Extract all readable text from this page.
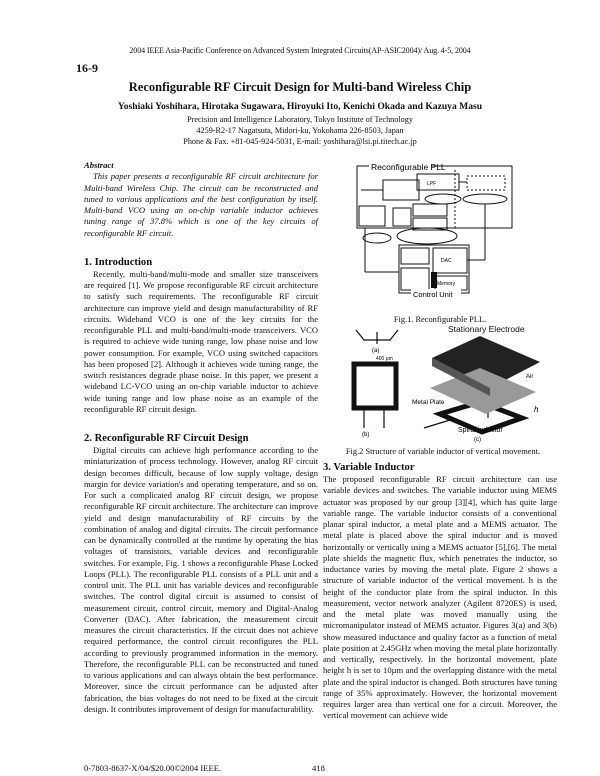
2004 IEEE Asia-Pacific Conference on Advanced System Integrated Circuits(AP-ASIC2004)/ Aug. 4-5, 2004
16-9
Reconfigurable RF Circuit Design for Multi-band Wireless Chip
Yoshiaki Yoshihara, Hirotaka Sugawara, Hiroyuki Ito, Kenichi Okada and Kazuya Masu
Precision and Intelligence Laboratory, Tokyo Institute of Technology
4259-R2-17 Nagatsuta, Midori-ku, Yokohama 226-8503, Japan
Phone & Fax. +81-045-924-5031, E-mail: yoshihara@lsi.pi.titech.ac.jp
Abstract

This paper presents a reconfigurable RF circuit architecture for Multi-band Wireless Chip. The circuit can be reconstructed and tuned to various applications and the best configuration by itself. Multi-band VCO using an on-chip variable inductor achieves tuning range of 37.8% which is one of the key circuits of reconfigurable RF circuit.

1. Introduction

Recently, multi-band/multi-mode and smaller size transceivers are required [1]. We propose reconfigurable RF circuit architecture to satisfy such requirements. The reconfigurable RF circuit architecture can improve yield and design manufacturability of RF circuits. Wideband VCO is one of the key circuits for the reconfigurable PLL and multi-band/multi-mode transceivers. VCO is required to achieve wide tuning range, low phase noise and low power consumption. For example, VCO using switched capacitors has been proposed [2]. Although it achieves wide tuning range, the switch resistances degrade phase noise. In this paper, we present a wideband LC-VCO using an on-chip variable inductor to achieve wide tuning range and low phase noise as an example of the reconfigurable RF circuit design.

2. Reconfigurable RF Circuit Design

Digital circuits can achieve high performance according to the miniaturization of process technology. However, analog RF circuit design becomes difficult, because of low supply voltage, design margin for device variation's and operating temperature, and so on. For such a complicated analog RF circuit design, we propose reconfigurable RF circuit architecture. The architecture can improve yield and design manufacturability of RF circuits by the combination of analog and digital circuits. The circuit performance can be dynamically controlled at the runtime by operating the bias voltages of transistors, variable devices and reconfigurable switches. For example, Fig. 1 shows a reconfigurable Phase Locked Loops (PLL). The reconfigurable PLL consists of a PLL unit and a control unit. The PLL unit has variable devices and reconfigurable switches. The control digital circuit is assumed to consist of measurement circuit, control circuit, memory and Digital-Analog Converter (DAC). After fabrication, the measurement circuit measures the circuit characteristics. If the circuit does not achieve required performance, the control circuit reconfigures the PLL according to previously programmed information in the memory. Therefore, the reconfigurable PLL can be reconstructed and tuned to various applications and can always obtain the best performance. Moreover, since the circuit performance can be adjusted after fabrication, the bias voltages do not need to be fixed at the circuit design. It contributes improvement of design for manufacturability.

Reconfigurable PLL
LPF
DAC
Memory
Control Unit
Fig.1. Reconfigurable PLL.
Stationary Electrode
(a)
400 µm
(b)
Air
Metal Plate
h
Spiral inductor
(c)
Fig.2 Structure of variable inductor of vertical movement.
3. Variable Inductor

The proposed reconfigurable RF circuit architecture can use variable devices and switches. The variable inductor using MEMS actuator was proposed by our group [3][4], which has quite large variable range. The variable inductor consists of a conventional planar spiral inductor, a metal plate and a MEMS actuator. The metal plate is placed above the spiral inductor and is moved horizontally or vertically using a MEMS actuator [5],[6]. The metal plate shields the magnetic flux, which penetrates the inductor, so inductance varies by moving the metal plate. Figure 2 shows a structure of variable inductor of the vertical movement. h is the height of the conductor plate from the spiral inductor. In this measurement, vector network analyzer (Agilent 8720ES) is used, and the metal plate was moved manually using the micromanipulator instead of MEMS actuator. Figures 3(a) and 3(b) show measured inductance and quality factor as a function of metal plate position at 2.45GHz when moving the metal plate horizontally and vertically, respectively. In the horizontal movement, plate height h is set to 10µm and the overlapping distance with the metal plate and the spiral inductor is changed. Both structures have tuning range of 35% approximately. However, the horizontal movement requires larger area than vertical one for a circuit. Moreover, the vertical movement can achieve wide

0-7803-8637-X/04/$20.00©2004 IEEE.	418
